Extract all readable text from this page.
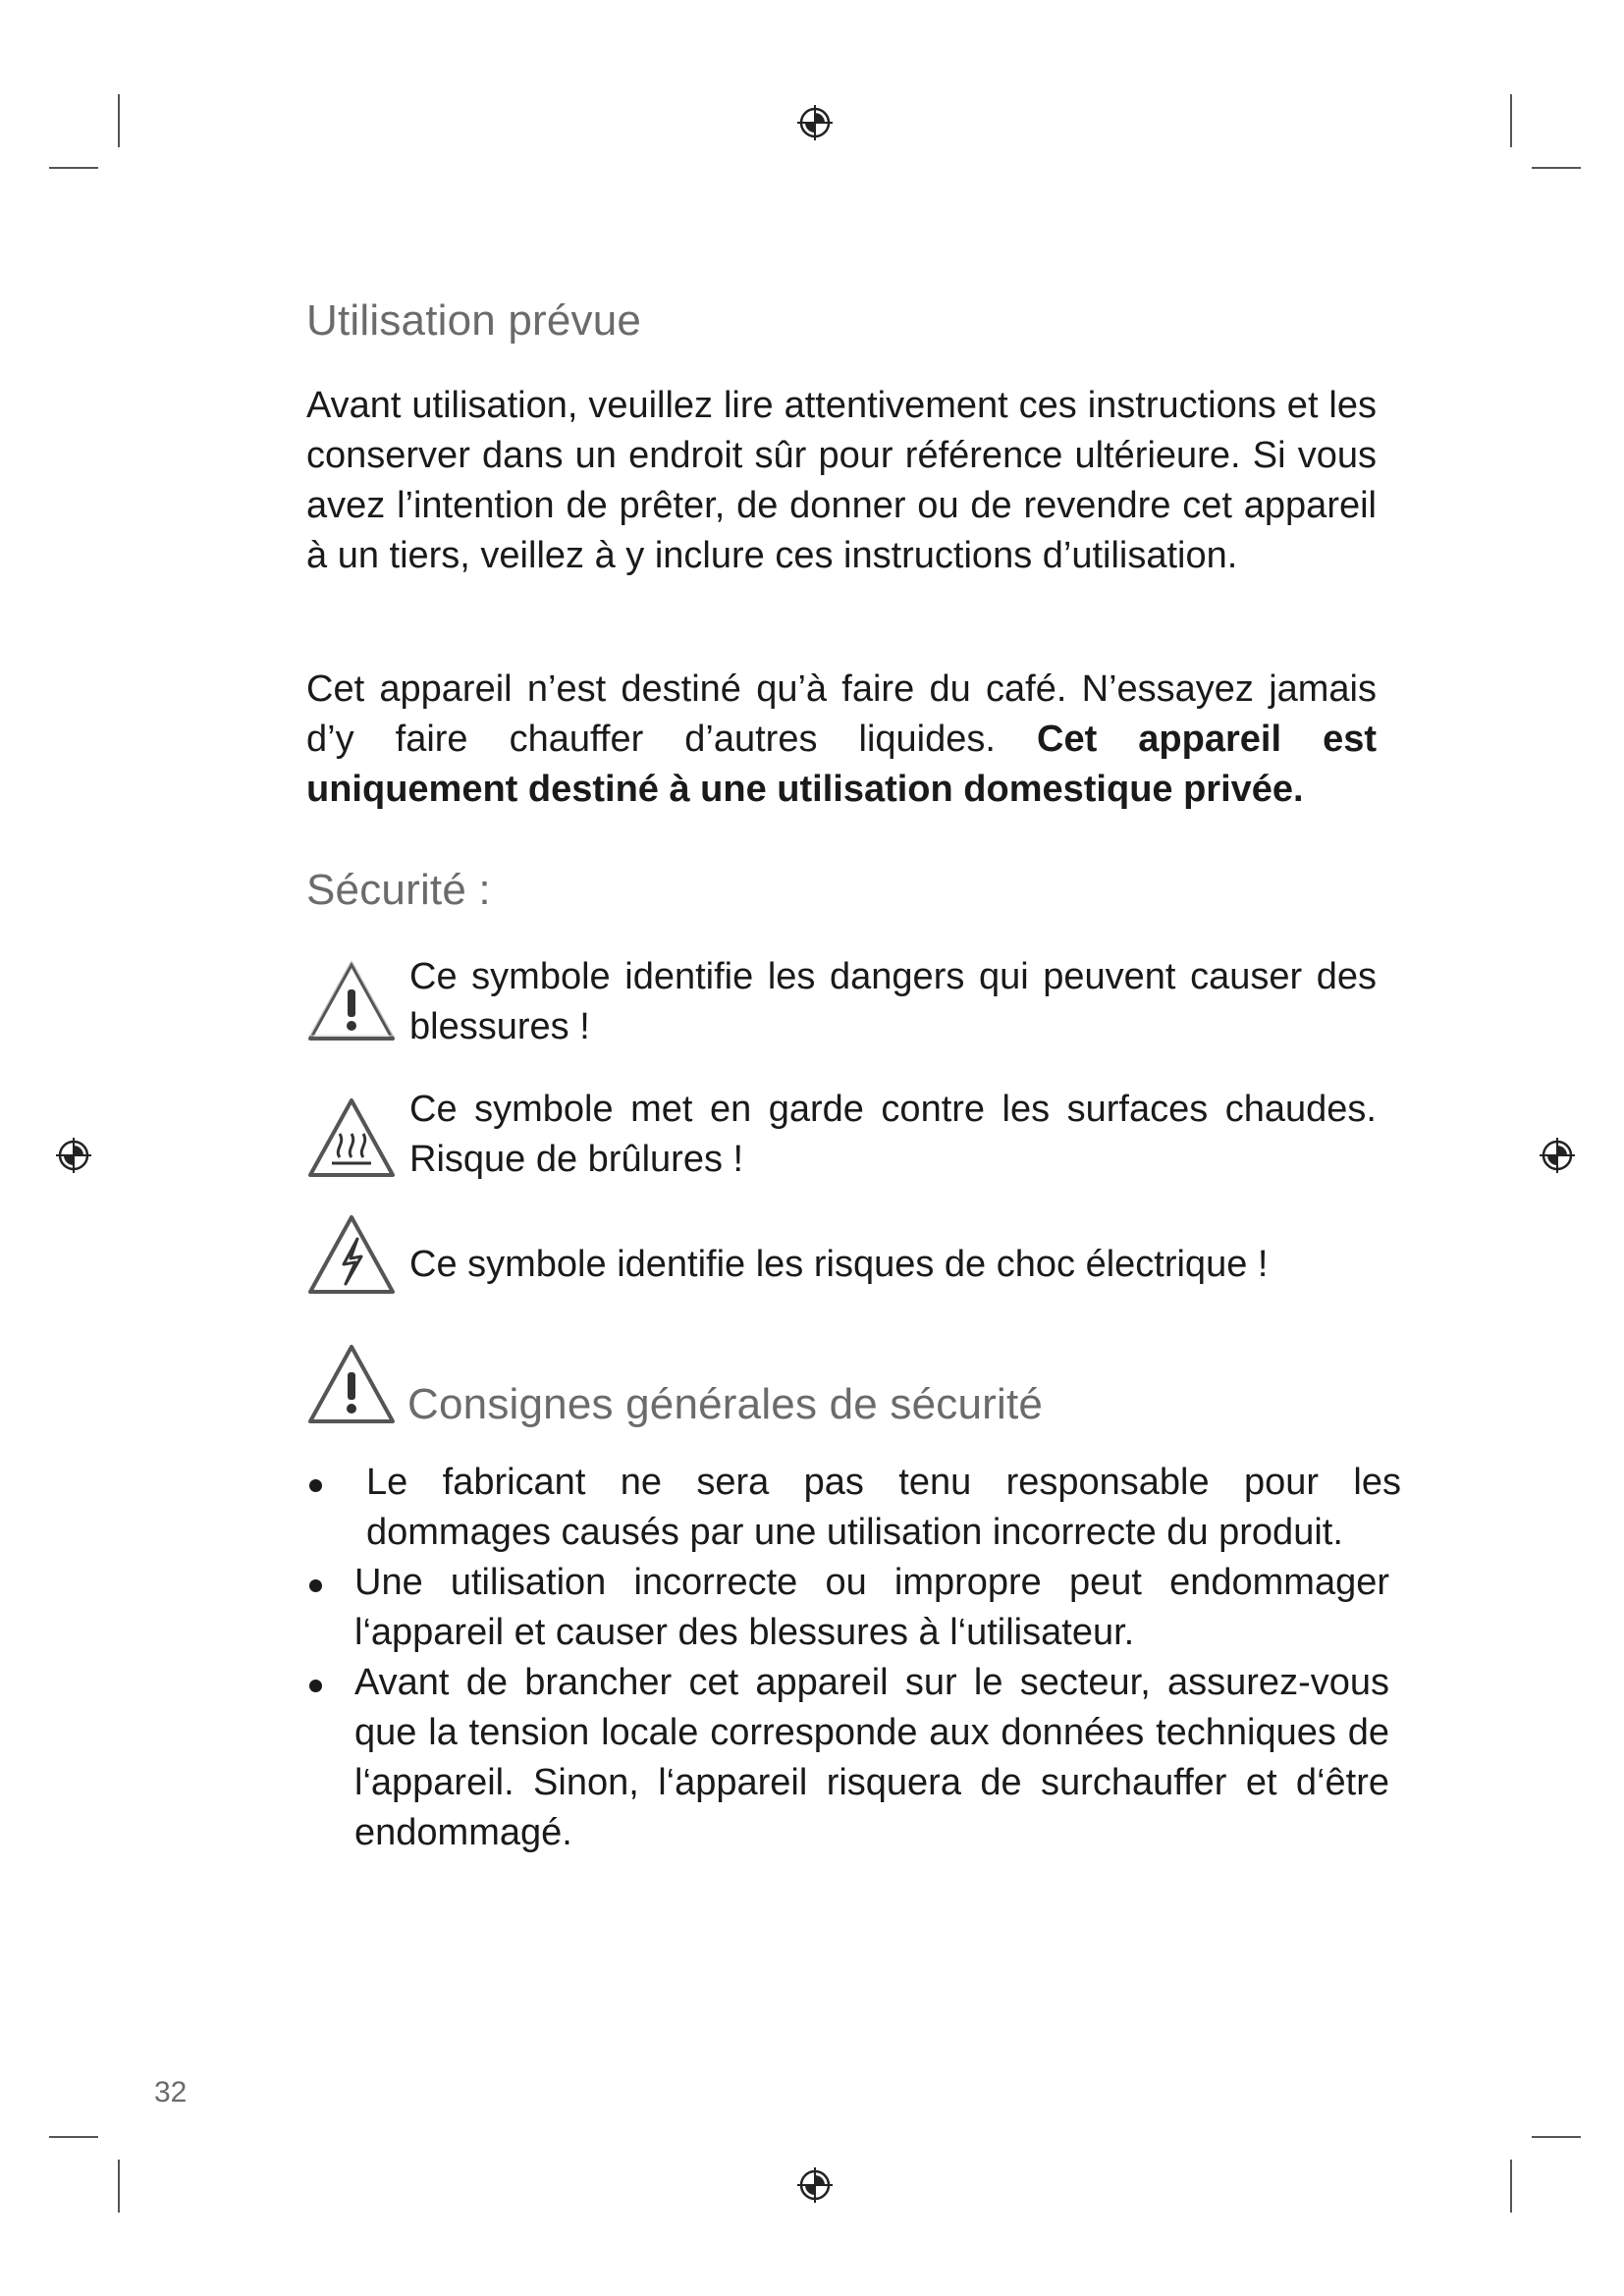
Utilisation prévue

Avant utilisation, veuillez lire attentivement ces instructions et les conserver dans un endroit sûr pour référence ultérieure. Si vous avez l’intention de prêter, de donner ou de revendre cet appareil à un tiers, veillez à y inclure ces instructions d’utilisation.

Cet appareil n’est destiné qu’à faire du café. N’essayez jamais d’y faire chauffer d’autres liquides. Cet appareil est uniquement destiné à une utilisation domestique privée.

Sécurité :
Ce symbole identifie les dangers qui peuvent causer des blessures !
Ce symbole met en garde contre les surfaces chaudes. Risque de brûlures !
Ce symbole identifie les risques de choc électrique !
Consignes générales de sécurité
Le fabricant ne sera pas tenu responsable pour les dommages causés par une utilisation incorrecte du produit.
Une utilisation incorrecte ou impropre peut endommager l‘appareil et causer des blessures à l‘utilisateur.
Avant de brancher cet appareil sur le secteur, assurez-vous que la tension locale corresponde aux données techniques de l‘appareil. Sinon, l‘appareil risquera de surchauffer et d‘être endommagé.
32
